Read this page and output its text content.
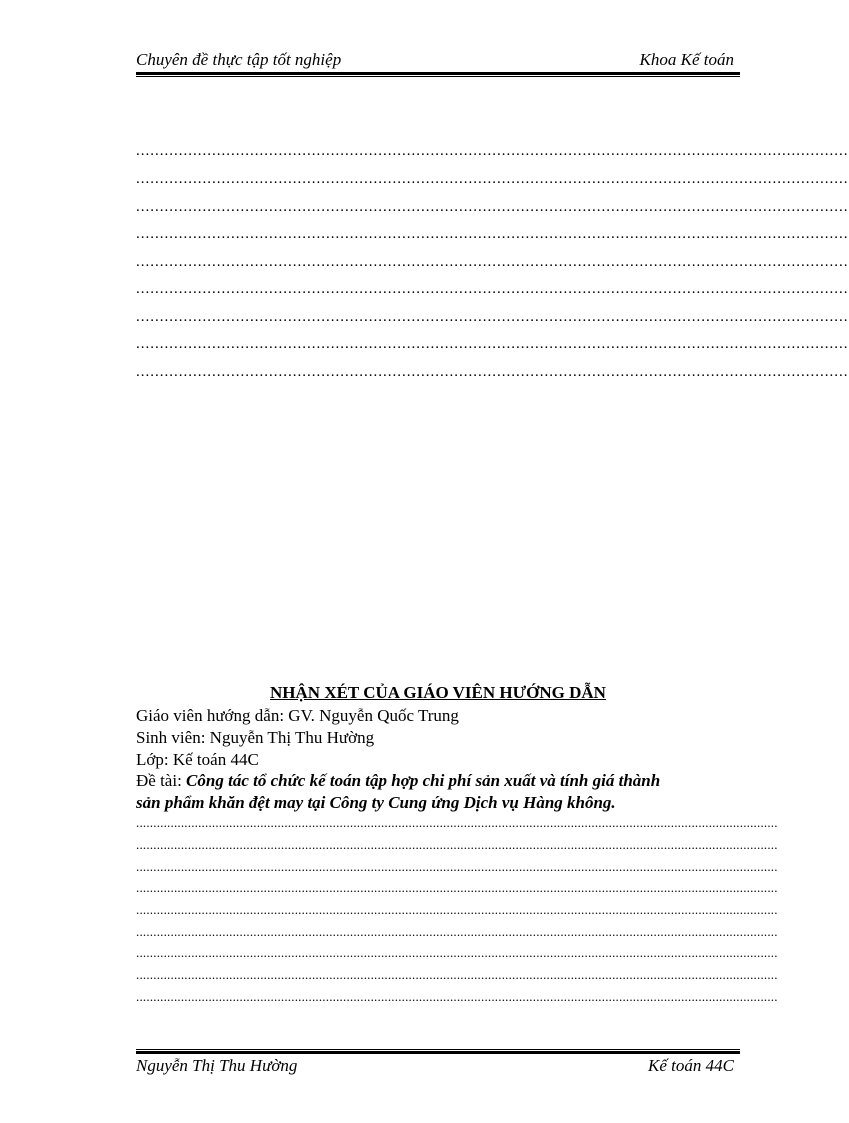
Chuyên đề thực tập tốt nghiệp	Khoa Kế toán
......................................................................................................................................................
......................................................................................................................................................
......................................................................................................................................................
......................................................................................................................................................
......................................................................................................................................................
......................................................................................................................................................
......................................................................................................................................................
......................................................................................................................................................
......................................................................................................................................................
NHẬN XÉT CỦA GIÁO VIÊN HƯỚNG DẪN
Giáo viên hướng dẫn: GV. Nguyễn Quốc Trung
Sinh viên: Nguyễn Thị Thu Hường
Lớp: Kế toán 44C
Đề tài: Công tác tổ chức kế toán tập hợp chi phí sản xuất và tính giá thành
sản phẩm khăn đệt may tại Công ty Cung ứng Dịch vụ Hàng không.
..........................................................................................................................................................................................
..........................................................................................................................................................................................
..........................................................................................................................................................................................
..........................................................................................................................................................................................
..........................................................................................................................................................................................
..........................................................................................................................................................................................
..........................................................................................................................................................................................
..........................................................................................................................................................................................
..........................................................................................................................................................................................
Nguyễn Thị Thu Hường	Kế toán 44C
